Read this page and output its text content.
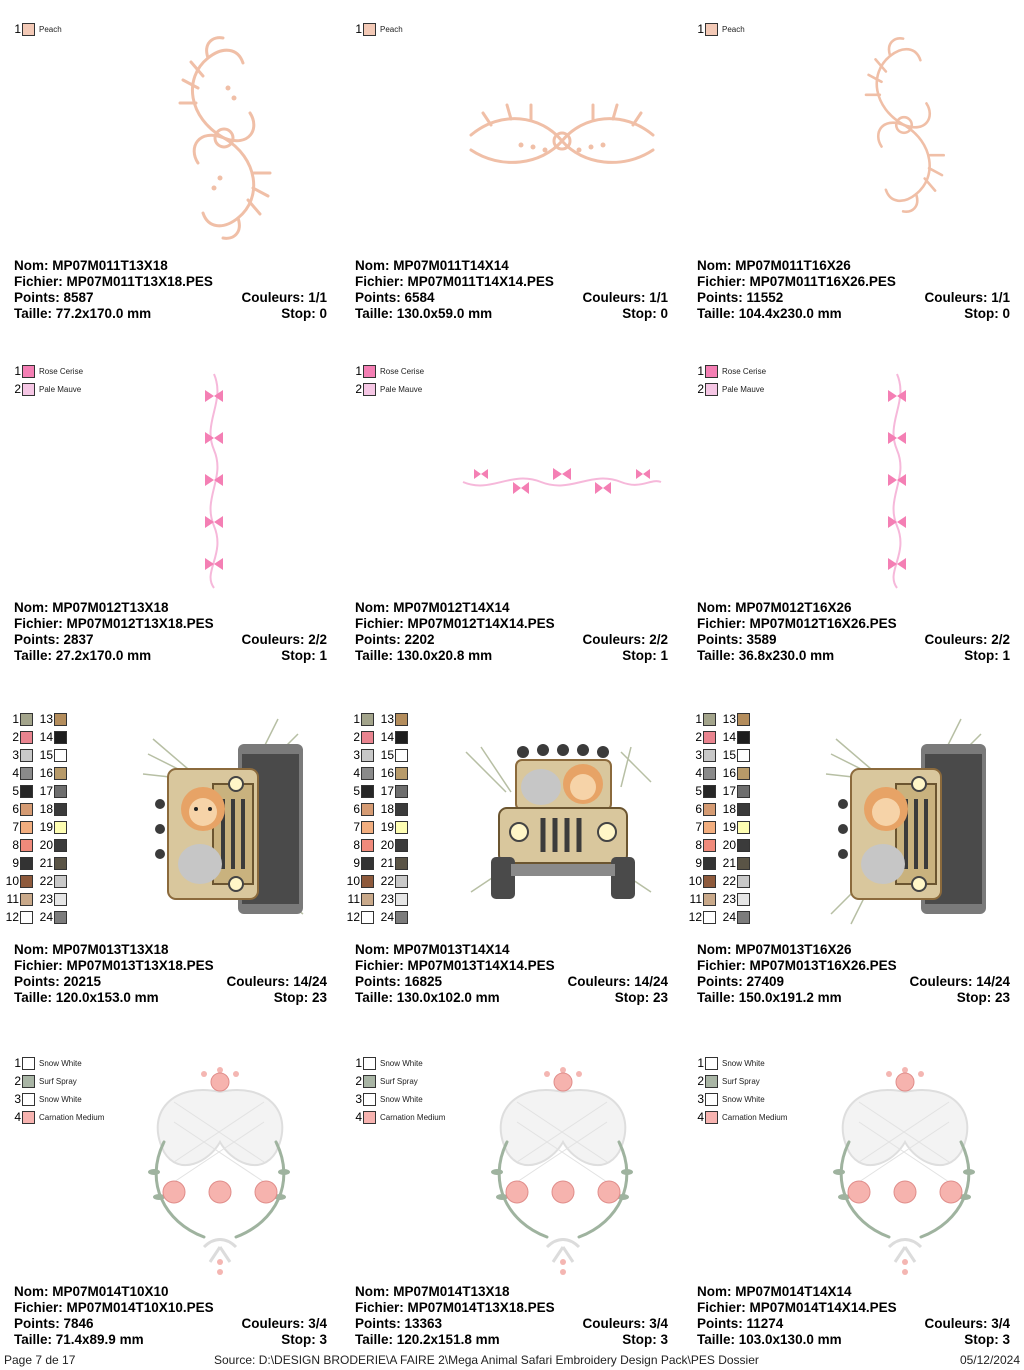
1 Peach
Nom: MP07M011T13X18
Fichier: MP07M011T13X18.PES
Points: 8587	Couleurs: 1/1
Taille: 77.2x170.0 mm	Stop: 0
1 Peach
Nom: MP07M011T14X14
Fichier: MP07M011T14X14.PES
Points: 6584	Couleurs: 1/1
Taille: 130.0x59.0 mm	Stop: 0
1 Peach
Nom: MP07M011T16X26
Fichier: MP07M011T16X26.PES
Points: 11552	Couleurs: 1/1
Taille: 104.4x230.0 mm	Stop: 0
1 Rose Cerise
2 Pale Mauve
Nom: MP07M012T13X18
Fichier: MP07M012T13X18.PES
Points: 2837	Couleurs: 2/2
Taille: 27.2x170.0 mm	Stop: 1
1 Rose Cerise
2 Pale Mauve
Nom: MP07M012T14X14
Fichier: MP07M012T14X14.PES
Points: 2202	Couleurs: 2/2
Taille: 130.0x20.8 mm	Stop: 1
1 Rose Cerise
2 Pale Mauve
Nom: MP07M012T16X26
Fichier: MP07M012T16X26.PES
Points: 3589	Couleurs: 2/2
Taille: 36.8x230.0 mm	Stop: 1
1
2
3
4
5
6
7
8
9
10
11
12
13
14
15
16
17
18
19
20
21
22
23
24
Nom: MP07M013T13X18
Fichier: MP07M013T13X18.PES
Points: 20215	Couleurs: 14/24
Taille: 120.0x153.0 mm	Stop: 23
1
2
3
4
5
6
7
8
9
10
11
12
13
14
15
16
17
18
19
20
21
22
23
24
Nom: MP07M013T14X14
Fichier: MP07M013T14X14.PES
Points: 16825	Couleurs: 14/24
Taille: 130.0x102.0 mm	Stop: 23
1
2
3
4
5
6
7
8
9
10
11
12
13
14
15
16
17
18
19
20
21
22
23
24
Nom: MP07M013T16X26
Fichier: MP07M013T16X26.PES
Points: 27409	Couleurs: 14/24
Taille: 150.0x191.2 mm	Stop: 23
1 Snow White
2 Surf Spray
3 Snow White
4 Carnation Medium
Nom: MP07M014T10X10
Fichier: MP07M014T10X10.PES
Points: 7846	Couleurs: 3/4
Taille: 71.4x89.9 mm	Stop: 3
1 Snow White
2 Surf Spray
3 Snow White
4 Carnation Medium
Nom: MP07M014T13X18
Fichier: MP07M014T13X18.PES
Points: 13363	Couleurs: 3/4
Taille: 120.2x151.8 mm	Stop: 3
1 Snow White
2 Surf Spray
3 Snow White
4 Carnation Medium
Nom: MP07M014T14X14
Fichier: MP07M014T14X14.PES
Points: 11274	Couleurs: 3/4
Taille: 103.0x130.0 mm	Stop: 3
Page 7 de 17	Source: D:\DESIGN BRODERIE\A FAIRE 2\Mega Animal Safari Embroidery Design Pack\PES Dossier	05/12/2024
